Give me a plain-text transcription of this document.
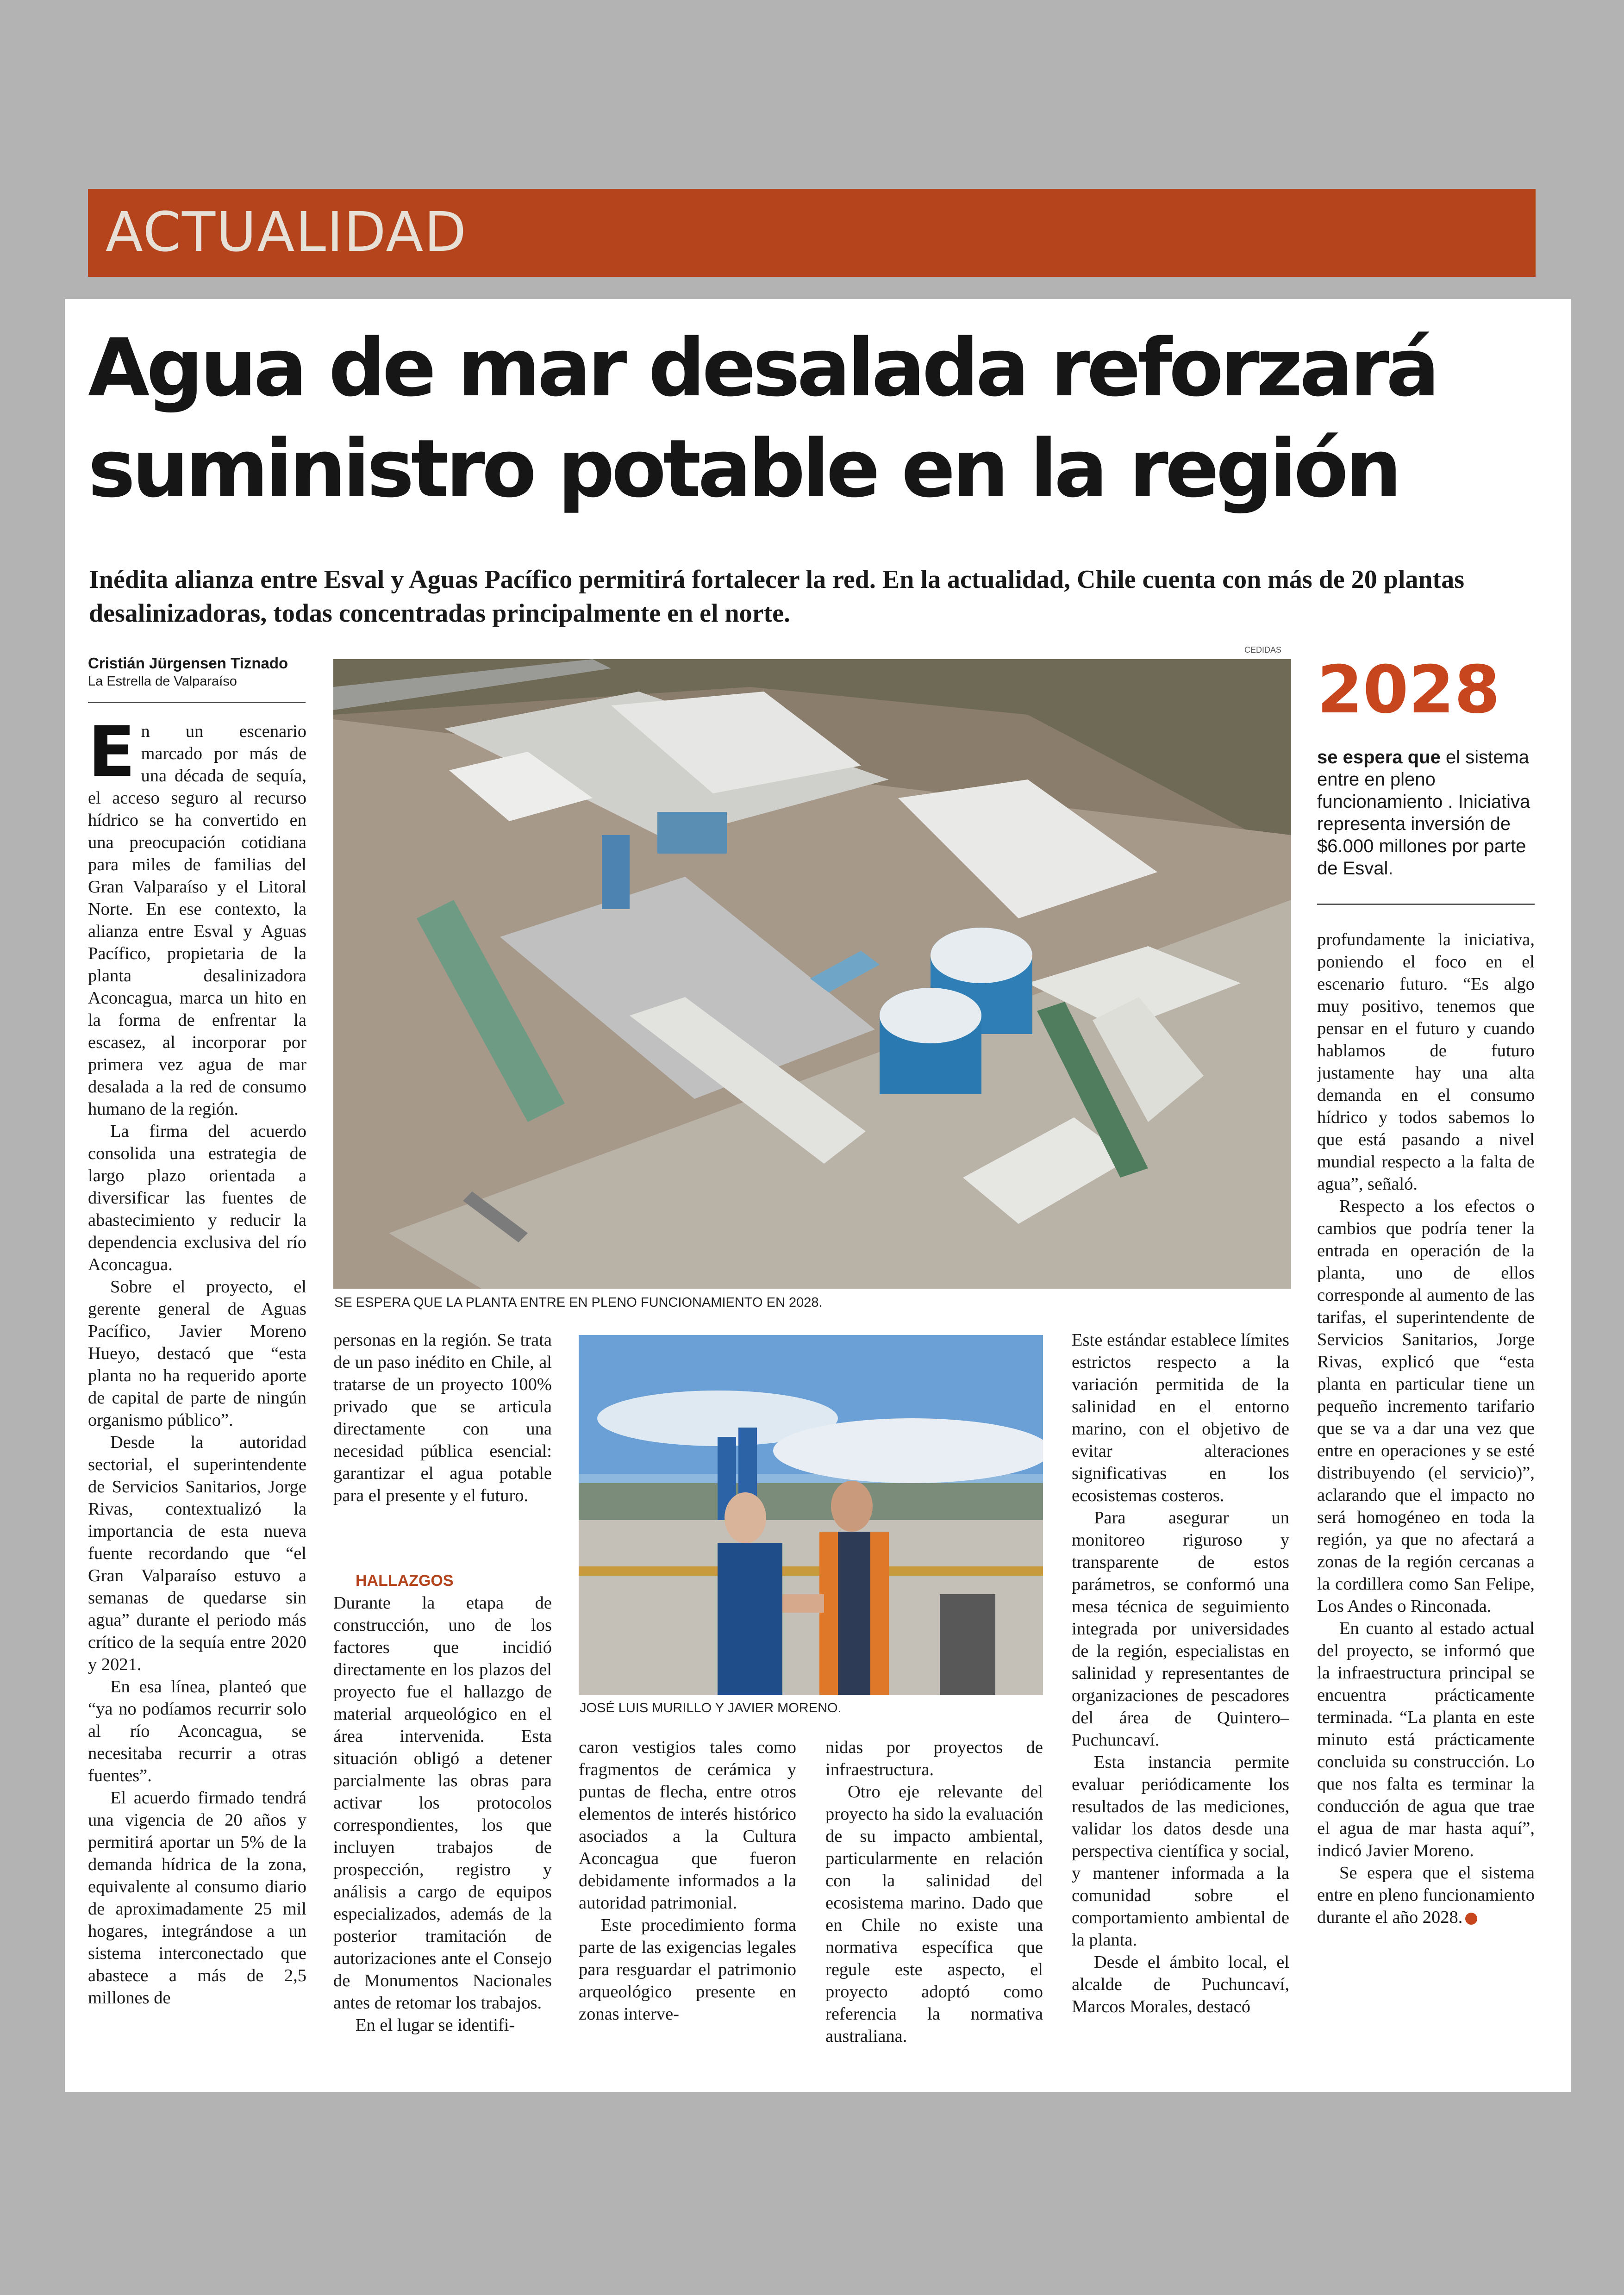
ACTUALIDAD
Agua de mar desalada reforzará suministro potable en la región

Inédita alianza entre Esval y Aguas Pacífico permitirá fortalecer la red. En la actualidad, Chile cuenta con más de 20 plantas desalinizadoras, todas concentradas principalmente en el norte.

Cristián Jürgensen Tiznado
La Estrella de Valparaíso
CEDIDAS
SE ESPERA QUE LA PLANTA ENTRE EN PLENO FUNCIONAMIENTO EN 2028.
JOSÉ LUIS MURILLO Y JAVIER MORENO.
2028

se espera que el sistema entre en pleno funcionamiento . Iniciativa representa inversión de $6.000 millones por parte de Esval.

En un escenario marcado por más de una década de sequía, el acceso seguro al recurso hídrico se ha convertido en una preocupación cotidiana para miles de familias del Gran Valparaíso y el Litoral Norte. En ese contexto, la alianza entre Esval y Aguas Pacífico, propietaria de la planta desalinizadora Aconcagua, marca un hito en la forma de enfrentar la escasez, al incorporar por primera vez agua de mar desalada a la red de consumo humano de la región.

La firma del acuerdo consolida una estrategia de largo plazo orientada a diversificar las fuentes de abastecimiento y reducir la dependencia exclusiva del río Aconcagua.

Sobre el proyecto, el gerente general de Aguas Pacífico, Javier Moreno Hueyo, destacó que “esta planta no ha requerido aporte de capital de parte de ningún organismo público”.

Desde la autoridad sectorial, el superintendente de Servicios Sanitarios, Jorge Rivas, contextualizó la importancia de esta nueva fuente recordando que “el Gran Valparaíso estuvo a semanas de quedarse sin agua” durante el periodo más crítico de la sequía entre 2020 y 2021.

En esa línea, planteó que “ya no podíamos recurrir solo al río Aconcagua, se necesitaba recurrir a otras fuentes”.

El acuerdo firmado tendrá una vigencia de 20 años y permitirá aportar un 5% de la demanda hídrica de la zona, equivalente al consumo diario de aproximadamente 25 mil hogares, integrándose a un sistema interconectado que abastece a más de 2,5 millones de

personas en la región. Se trata de un paso inédito en Chile, al tratarse de un proyecto 100% privado que se articula directamente con una necesidad pública esencial: garantizar el agua potable para el presente y el futuro.

HALLAZGOS

Durante la etapa de construcción, uno de los factores que incidió directamente en los plazos del proyecto fue el hallazgo de material arqueológico en el área intervenida. Esta situación obligó a detener parcialmente las obras para activar los protocolos correspondientes, los que incluyen trabajos de prospección, registro y análisis a cargo de equipos especializados, además de la posterior tramitación de autorizaciones ante el Consejo de Monumentos Nacionales antes de retomar los trabajos.

En el lugar se identifi-

caron vestigios tales como fragmentos de cerámica y puntas de flecha, entre otros elementos de interés histórico asociados a la Cultura Aconcagua que fueron debidamente informados a la autoridad patrimonial.

Este procedimiento forma parte de las exigencias legales para resguardar el patrimonio arqueológico presente en zonas interve-

nidas por proyectos de infraestructura.

Otro eje relevante del proyecto ha sido la evaluación de su impacto ambiental, particularmente en relación con la salinidad del ecosistema marino. Dado que en Chile no existe una normativa específica que regule este aspecto, el proyecto adoptó como referencia la normativa australiana.

Este estándar establece límites estrictos respecto a la variación permitida de la salinidad en el entorno marino, con el objetivo de evitar alteraciones significativas en los ecosistemas costeros.

Para asegurar un monitoreo riguroso y transparente de estos parámetros, se conformó una mesa técnica de seguimiento integrada por universidades de la región, especialistas en salinidad y representantes de organizaciones de pescadores del área de Quintero–Puchuncaví.

Esta instancia permite evaluar periódicamente los resultados de las mediciones, validar los datos desde una perspectiva científica y social, y mantener informada a la comunidad sobre el comportamiento ambiental de la planta.

Desde el ámbito local, el alcalde de Puchuncaví, Marcos Morales, destacó

profundamente la iniciativa, poniendo el foco en el escenario futuro. “Es algo muy positivo, tenemos que pensar en el futuro y cuando hablamos de futuro justamente hay una alta demanda en el consumo hídrico y todos sabemos lo que está pasando a nivel mundial respecto a la falta de agua”, señaló.

Respecto a los efectos o cambios que podría tener la entrada en operación de la planta, uno de ellos corresponde al aumento de las tarifas, el superintendente de Servicios Sanitarios, Jorge Rivas, explicó que “esta planta en particular tiene un pequeño incremento tarifario que se va a dar una vez que entre en operaciones y se esté distribuyendo (el servicio)”, aclarando que el impacto no será homogéneo en toda la región, ya que no afectará a zonas de la región cercanas a la cordillera como San Felipe, Los Andes o Rinconada.

En cuanto al estado actual del proyecto, se informó que la infraestructura principal se encuentra prácticamente terminada. “La planta en este minuto está prácticamente concluida su construcción. Lo que nos falta es terminar la conducción de agua que trae el agua de mar hasta aquí”, indicó Javier Moreno.

Se espera que el sistema entre en pleno funcionamiento durante el año 2028.
